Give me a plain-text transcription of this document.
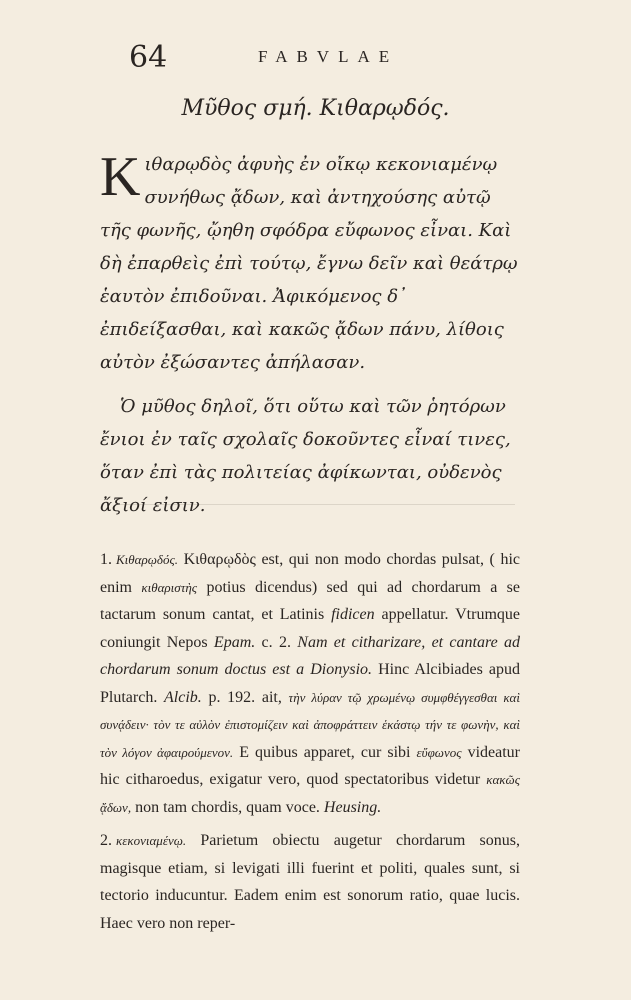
64	FABVLAE
Μῦθος σμή. Κιθαρῳδός.

K ιθαρῳδὸς ἀφυὴς ἐν οἴκῳ κεκονιαμένῳ συνήθως ᾄδων, καὶ ἀντηχούσης αὐτῷ τῆς φωνῆς, ᾤηθη σφόδρα εὔφωνος εἶναι. Καὶ δὴ ἐπαρθεὶς ἐπὶ τούτῳ, ἔγνω δεῖν καὶ θεάτρῳ ἑαυτὸν ἐπιδοῦναι. Ἀφικόμενος δ᾽ ἐπιδείξασθαι, καὶ κακῶς ᾄδων πάνυ, λίθοις αὐτὸν ἐξώσαντες ἀπήλασαν.

Ὁ μῦθος δηλοῖ, ὅτι οὕτω καὶ τῶν ῥητόρων ἔνιοι ἐν ταῖς σχολαῖς δοκοῦντες εἶναί τινες, ὅταν ἐπὶ τὰς πολιτείας ἀφίκωνται, οὐδενὸς ἄξιοί εἰσιν.

1. Κιθαρῳδός. Κιθαρῳδὸς est, qui non modo chordas pulsat, ( hic enim κιθαριστὴς potius dicendus) sed qui ad chordarum a se tactarum sonum cantat, et Latinis fidicen appellatur. Vtrumque coniungit Nepos Epam. c. 2. Nam et citharizare, et cantare ad chordarum sonum doctus est a Dionysio. Hinc Alcibiades apud Plutarch. Alcib. p. 192. ait, τὴν λύραν τῷ χρωμένῳ συμφθέγγεσθαι καὶ συνᾴδειν· τὸν τε αὐλὸν ἐπιστομίζειν καὶ ἀποφράττειν ἑκάστῳ τήν τε φωνὴν, καὶ τὸν λόγον ἀφαιρούμενον. E quibus apparet, cur sibi εὔφωνος videatur hic citharoedus, exigatur vero, quod spectatoribus videtur κακῶς ᾄδων, non tam chordis, quam voce. Heusing.

2. κεκονιαμένῳ. Parietum obiectu augetur chordarum sonus, magisque etiam, si levigati illi fuerint et politi, quales sunt, si tectorio inducuntur. Eadem enim est sonorum ratio, quae lucis. Haec vero non reper-
